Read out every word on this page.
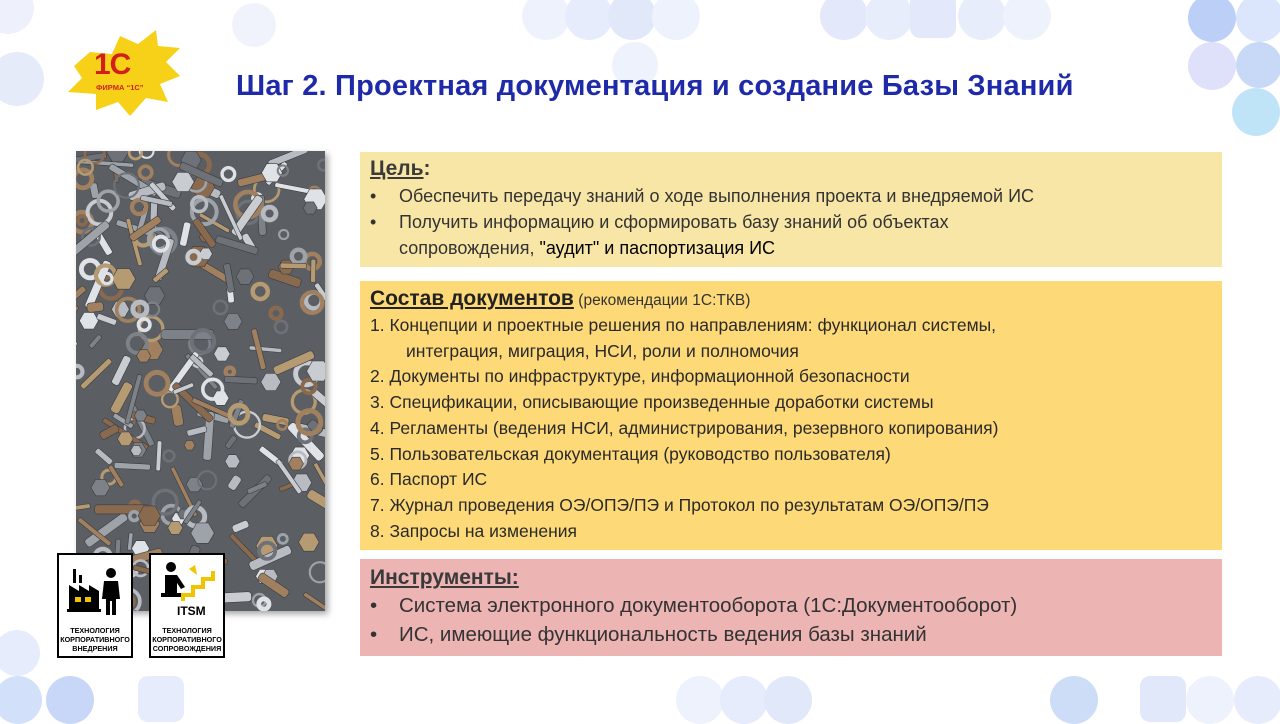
1С
ФИРМА “1С”	Шаг 2. Проектная документация и создание Базы Знаний
ТЕХНОЛОГИЯ
КОРПОРАТИВНОГО
ВНЕДРЕНИЯ
ITSM
ТЕХНОЛОГИЯ
КОРПОРАТИВНОГО
СОПРОВОЖДЕНИЯ
Цель:
• Обеспечить передачу знаний о ходе выполнения проекта и внедряемой ИС
• Получить информацию и сформировать базу знаний об объектах
сопровождения, "аудит" и паспортизация ИС
Состав документов (рекомендации 1С:ТКВ)
1. Концепции и проектные решения по направлениям: функционал системы,
интеграция, миграция, НСИ, роли и полномочия
2. Документы по инфраструктуре, информационной безопасности
3. Спецификации, описывающие произведенные доработки системы
4. Регламенты (ведения НСИ, администрирования, резервного копирования)
5. Пользовательская документация (руководство пользователя)
6. Паспорт ИС
7. Журнал проведения ОЭ/ОПЭ/ПЭ и Протокол по результатам ОЭ/ОПЭ/ПЭ
8. Запросы на изменения
Инструменты:
• Система электронного документооборота (1С:Документооборот)
• ИС, имеющие функциональность ведения базы знаний
